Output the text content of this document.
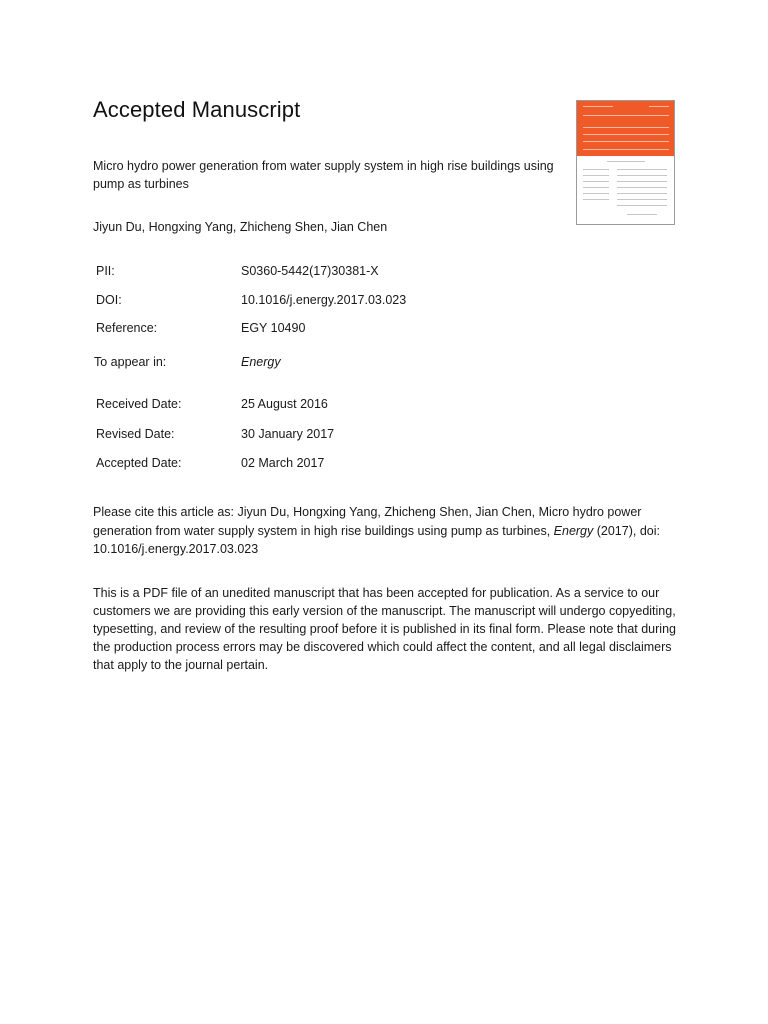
Accepted Manuscript
Micro hydro power generation from water supply system in high rise buildings using pump as turbines
Jiyun Du, Hongxing Yang, Zhicheng Shen, Jian Chen
PII:	S0360-5442(17)30381-X
DOI:	10.1016/j.energy.2017.03.023
Reference:	EGY 10490
To appear in:	Energy
Received Date:	25 August 2016
Revised Date:	30 January 2017
Accepted Date:	02 March 2017
Please cite this article as: Jiyun Du, Hongxing Yang, Zhicheng Shen, Jian Chen, Micro hydro power generation from water supply system in high rise buildings using pump as turbines, Energy (2017), doi: 10.1016/j.energy.2017.03.023
This is a PDF file of an unedited manuscript that has been accepted for publication. As a service to our customers we are providing this early version of the manuscript. The manuscript will undergo copyediting, typesetting, and review of the resulting proof before it is published in its final form. Please note that during the production process errors may be discovered which could affect the content, and all legal disclaimers that apply to the journal pertain.
